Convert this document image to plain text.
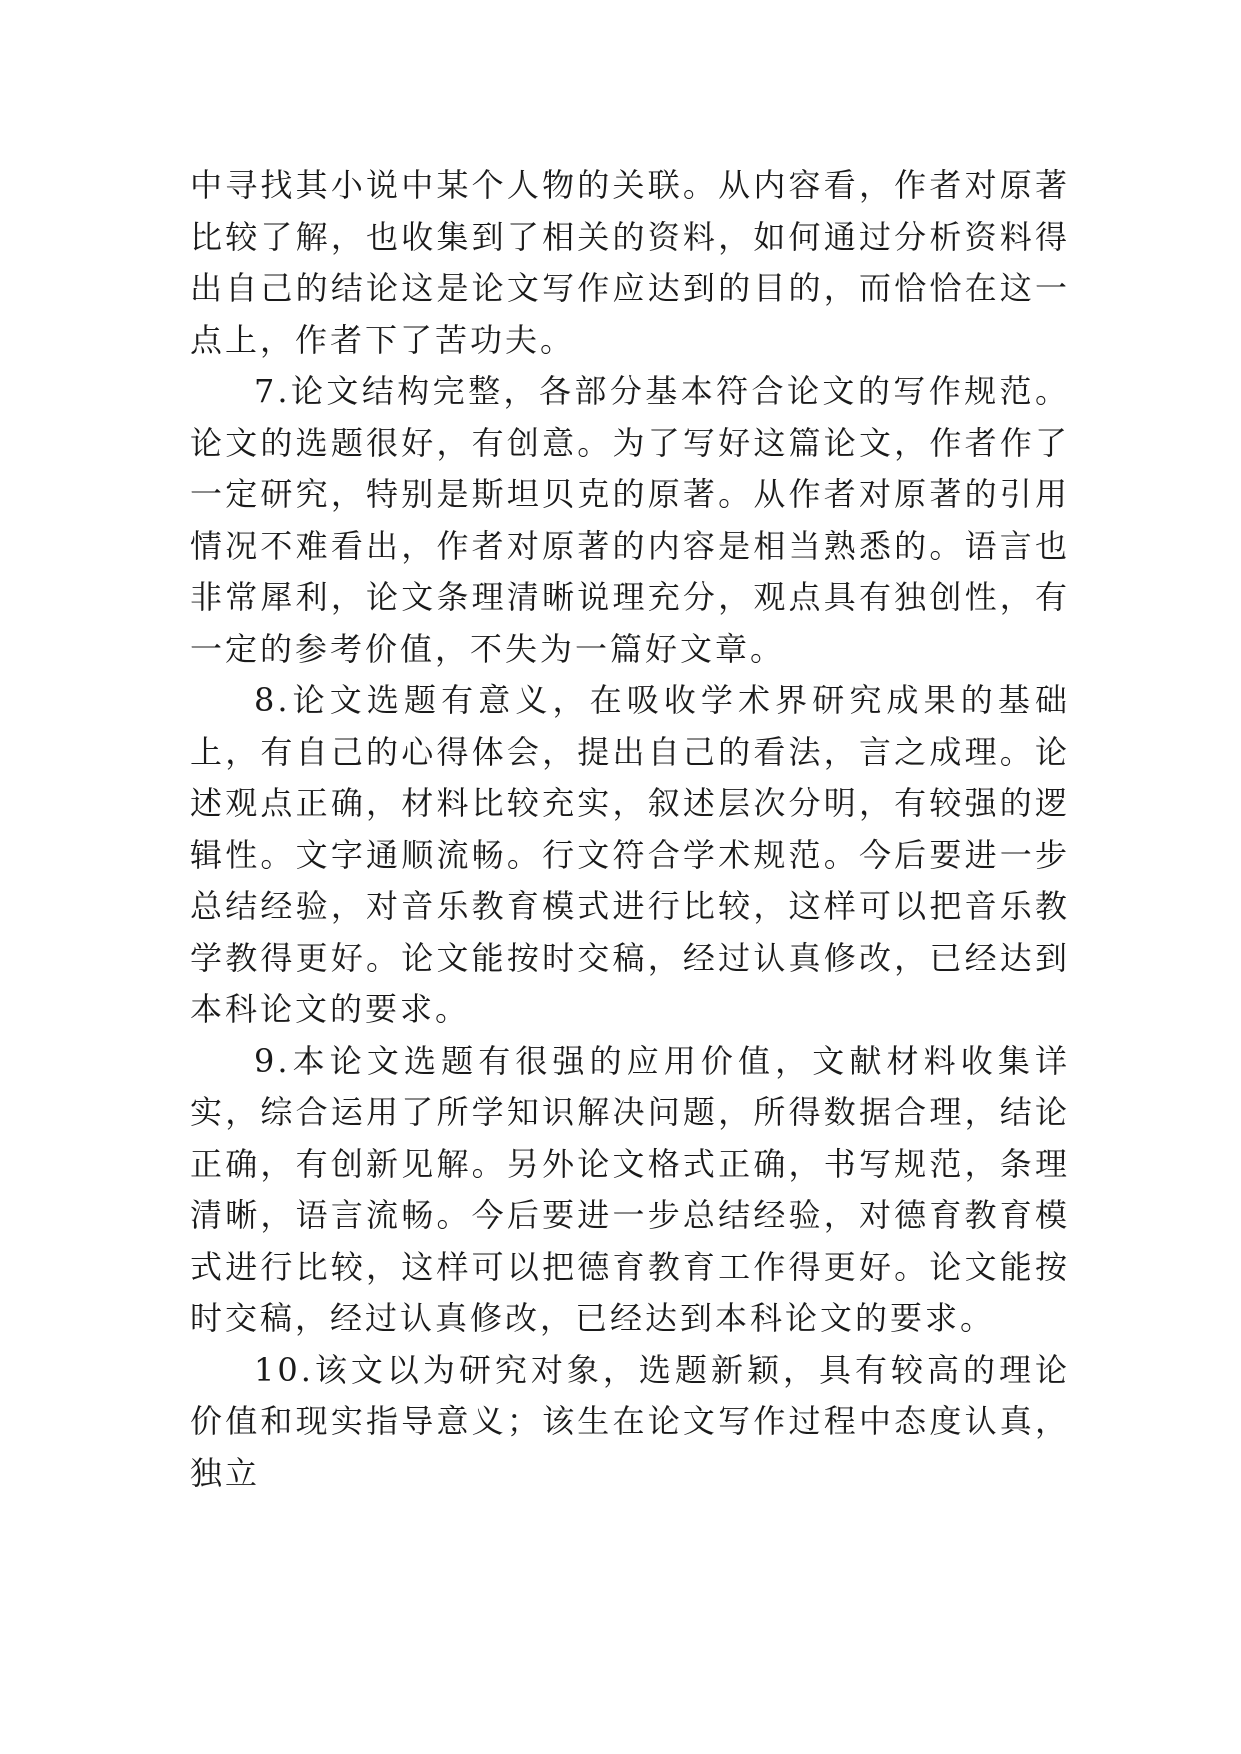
中寻找其小说中某个人物的关联。从内容看，作者对原著比较了解，也收集到了相关的资料，如何通过分析资料得出自己的结论这是论文写作应达到的目的，而恰恰在这一点上，作者下了苦功夫。

7.论文结构完整，各部分基本符合论文的写作规范。论文的选题很好，有创意。为了写好这篇论文，作者作了一定研究，特别是斯坦贝克的原著。从作者对原著的引用情况不难看出，作者对原著的内容是相当熟悉的。语言也非常犀利，论文条理清晰说理充分，观点具有独创性，有一定的参考价值，不失为一篇好文章。

8.论文选题有意义，在吸收学术界研究成果的基础上，有自己的心得体会，提出自己的看法，言之成理。论述观点正确，材料比较充实，叙述层次分明，有较强的逻辑性。文字通顺流畅。行文符合学术规范。今后要进一步总结经验，对音乐教育模式进行比较，这样可以把音乐教学教得更好。论文能按时交稿，经过认真修改，已经达到本科论文的要求。

9.本论文选题有很强的应用价值，文献材料收集详实，综合运用了所学知识解决问题，所得数据合理，结论正确，有创新见解。另外论文格式正确，书写规范，条理清晰，语言流畅。今后要进一步总结经验，对德育教育模式进行比较，这样可以把德育教育工作得更好。论文能按时交稿，经过认真修改，已经达到本科论文的要求。

10.该文以为研究对象，选题新颖，具有较高的理论价值和现实指导意义；该生在论文写作过程中态度认真，独立
